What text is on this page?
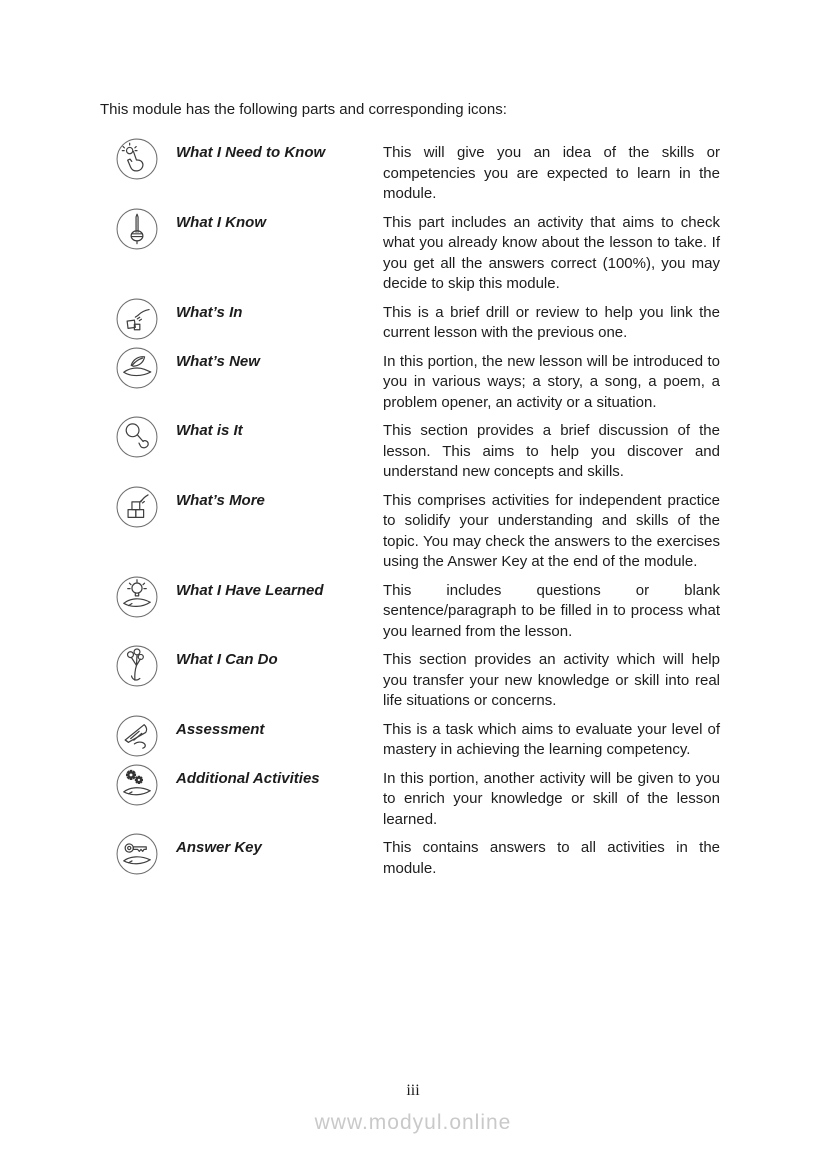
This module has the following parts and corresponding icons:

What I Need to Know	This will give you an idea of the skills or competencies you are expected to learn in the module.

What I Know	This part includes an activity that aims to check what you already know about the lesson to take. If you get all the answers correct (100%), you may decide to skip this module.

What’s In	This is a brief drill or review to help you link the current lesson with the previous one.

What’s New	In this portion, the new lesson will be introduced to you in various ways; a story, a song, a poem, a problem opener, an activity or a situation.

What is It	This section provides a brief discussion of the lesson. This aims to help you discover and understand new concepts and skills.

What’s More	This comprises activities for independent practice to solidify your understanding and skills of the topic. You may check the answers to the exercises using the Answer Key at the end of the module.

What I Have Learned	This includes questions or blank sentence/paragraph to be filled in to process what you learned from the lesson.

What I Can Do	This section provides an activity which will help you transfer your new knowledge or skill into real life situations or concerns.

Assessment	This is a task which aims to evaluate your level of mastery in achieving the learning competency.

Additional Activities	In this portion, another activity will be given to you to enrich your knowledge or skill of the lesson learned.

Answer Key	This contains answers to all activities in the module.

iii
www.modyul.online
